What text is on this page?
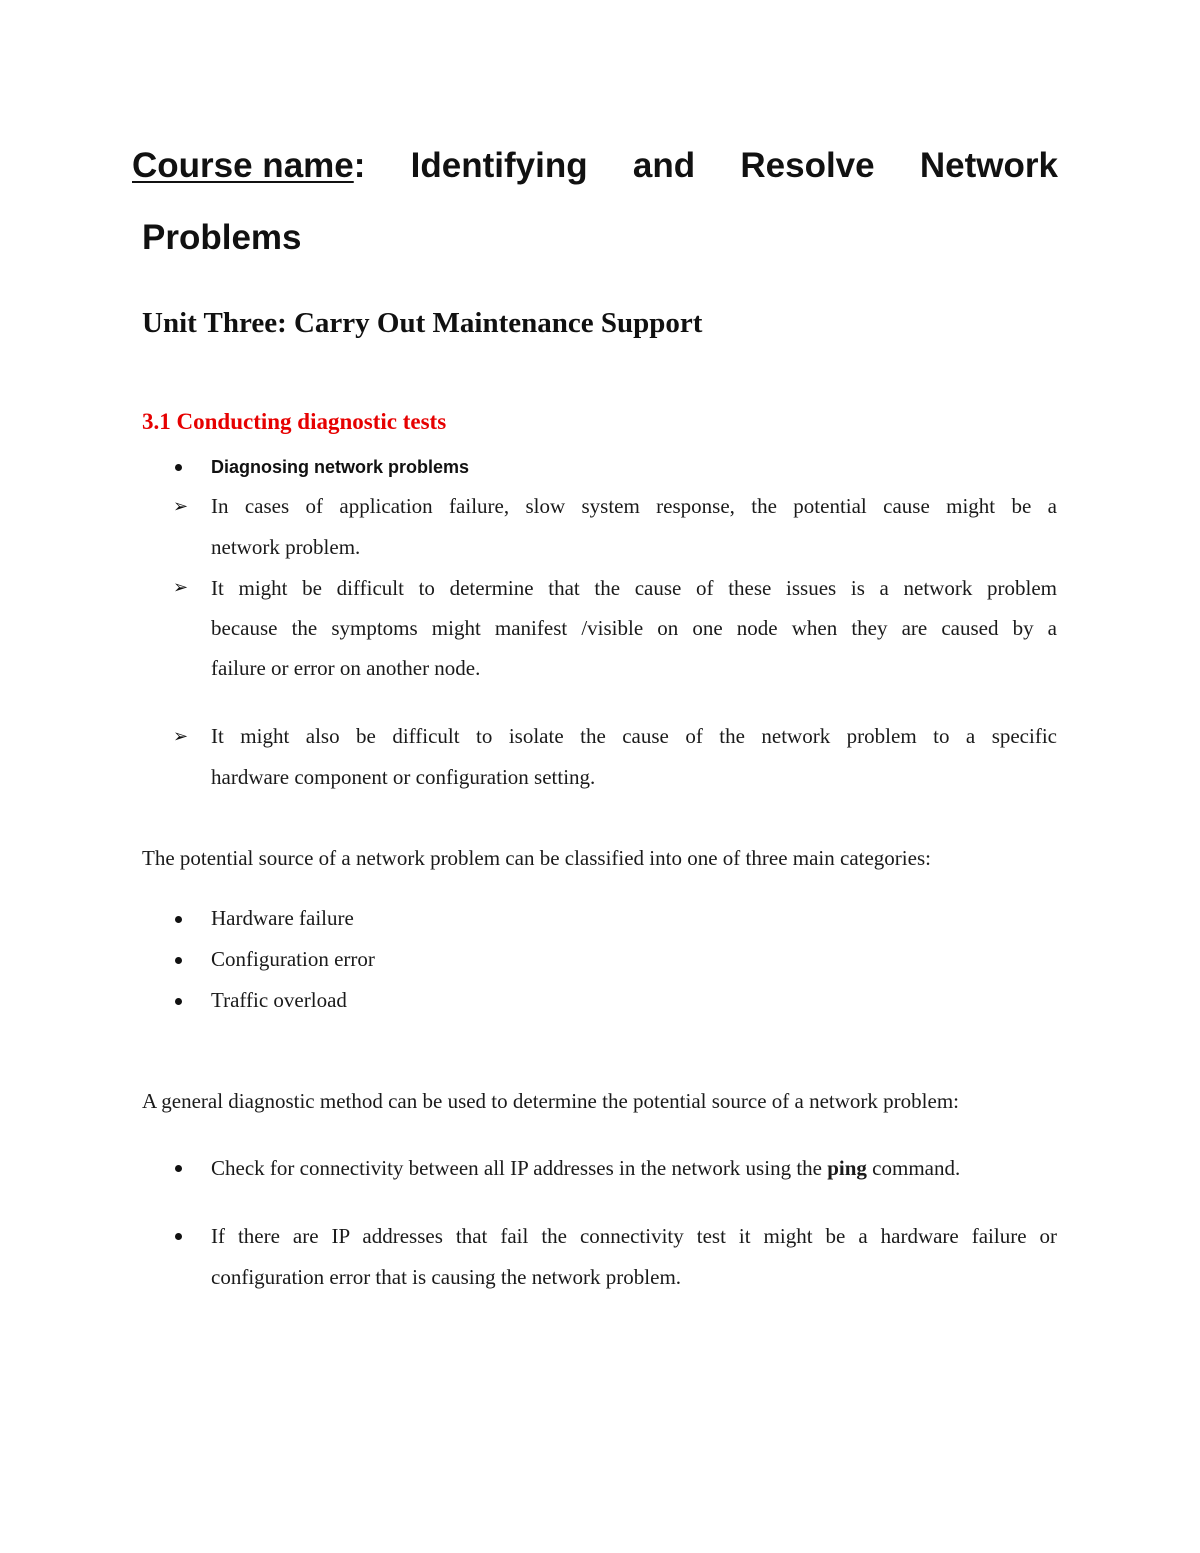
Course name: Identifying and Resolve Network
Problems
Unit Three: Carry Out Maintenance Support
3.1 Conducting diagnostic tests
Diagnosing network problems
➢ In cases of application failure, slow system response, the potential cause might be a
network problem.
➢ It might be difficult to determine that the cause of these issues is a network problem
because the symptoms might manifest /visible on one node when they are caused by a
failure or error on another node.
➢ It might also be difficult to isolate the cause of the network problem to a specific
hardware component or configuration setting.
The potential source of a network problem can be classified into one of three main categories:
Hardware failure
Configuration error
Traffic overload
A general diagnostic method can be used to determine the potential source of a network problem:
Check for connectivity between all IP addresses in the network using the ping command.
If there are IP addresses that fail the connectivity test it might be a hardware failure or
configuration error that is causing the network problem.
